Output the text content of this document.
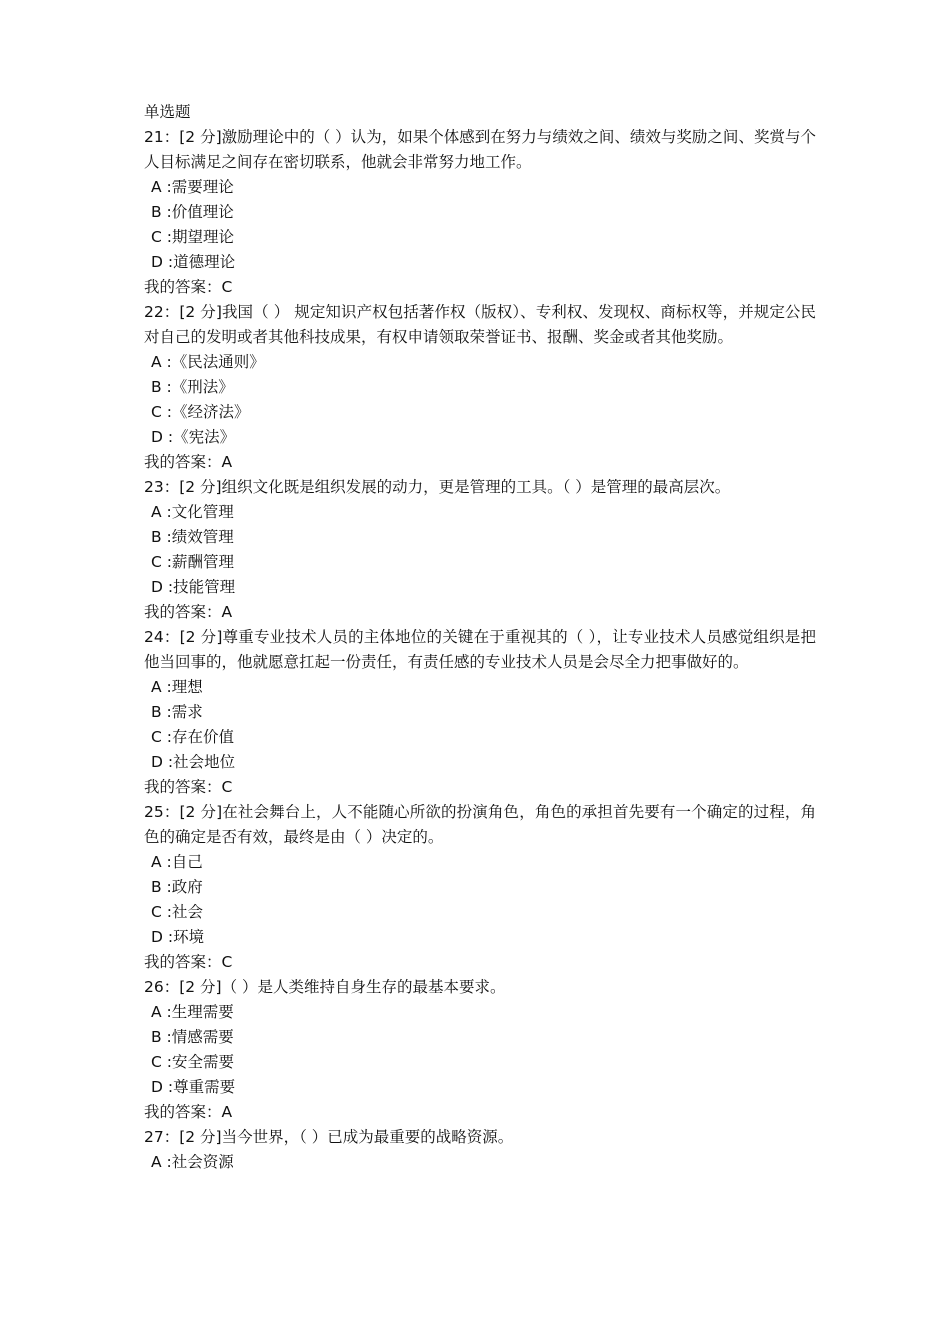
单选题
21：[2 分]激励理论中的（ ）认为，如果个体感到在努力与绩效之间、绩效与奖励之间、奖赏与个人目标满足之间存在密切联系，他就会非常努力地工作。
A :需要理论
B :价值理论
C :期望理论
D :道德理论
我的答案：C
22：[2 分]我国（ ） 规定知识产权包括著作权（版权）、专利权、发现权、商标权等，并规定公民对自己的发明或者其他科技成果，有权申请领取荣誉证书、报酬、奖金或者其他奖励。
A :《民法通则》
B :《刑法》
C :《经济法》
D :《宪法》
我的答案：A
23：[2 分]组织文化既是组织发展的动力，更是管理的工具。（ ）是管理的最高层次。
A :文化管理
B :绩效管理
C :薪酬管理
D :技能管理
我的答案：A
24：[2 分]尊重专业技术人员的主体地位的关键在于重视其的（ ），让专业技术人员感觉组织是把他当回事的，他就愿意扛起一份责任，有责任感的专业技术人员是会尽全力把事做好的。
A :理想
B :需求
C :存在价值
D :社会地位
我的答案：C
25：[2 分]在社会舞台上，人不能随心所欲的扮演角色，角色的承担首先要有一个确定的过程，角色的确定是否有效，最终是由（ ）决定的。
A :自己
B :政府
C :社会
D :环境
我的答案：C
26：[2 分]（ ）是人类维持自身生存的最基本要求。
A :生理需要
B :情感需要
C :安全需要
D :尊重需要
我的答案：A
27：[2 分]当今世界，（ ）已成为最重要的战略资源。
A :社会资源
